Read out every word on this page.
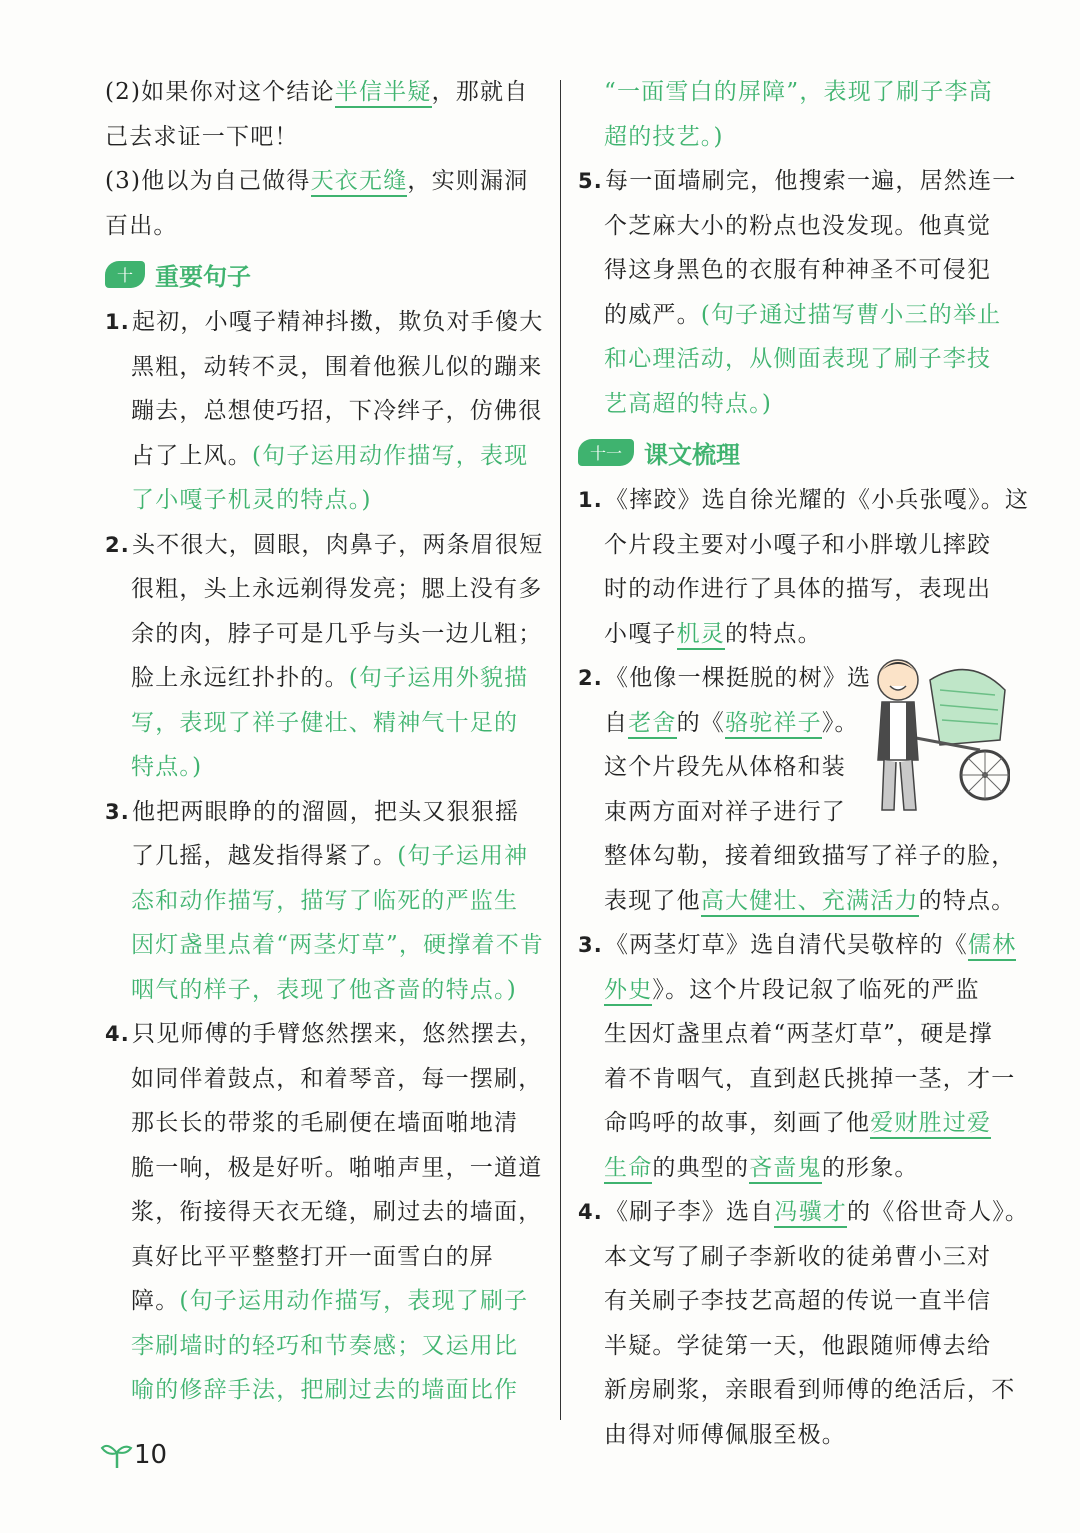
(2)如果你对这个结论半信半疑，那就自
己去求证一下吧！
(3)他以为自己做得天衣无缝，实则漏洞
百出。
十 重要句子
1.起初，小嘎子精神抖擞，欺负对手傻大
黑粗，动转不灵，围着他猴儿似的蹦来
蹦去，总想使巧招，下冷绊子，仿佛很
占了上风。(句子运用动作描写，表现
了小嘎子机灵的特点。)
2.头不很大，圆眼，肉鼻子，两条眉很短
很粗，头上永远剃得发亮；腮上没有多
余的肉，脖子可是几乎与头一边儿粗；
脸上永远红扑扑的。(句子运用外貌描
写，表现了祥子健壮、精神气十足的
特点。)
3.他把两眼睁的的溜圆，把头又狠狠摇
了几摇，越发指得紧了。(句子运用神
态和动作描写，描写了临死的严监生
因灯盏里点着“两茎灯草”，硬撑着不肯
咽气的样子，表现了他吝啬的特点。)
4.只见师傅的手臂悠然摆来，悠然摆去，
如同伴着鼓点，和着琴音，每一摆刷，
那长长的带浆的毛刷便在墙面啪地清
脆一响，极是好听。啪啪声里，一道道
浆，衔接得天衣无缝，刷过去的墙面，
真好比平平整整打开一面雪白的屏
障。(句子运用动作描写，表现了刷子
李刷墙时的轻巧和节奏感；又运用比
喻的修辞手法，把刷过去的墙面比作
“一面雪白的屏障”，表现了刷子李高
超的技艺。)
5.每一面墙刷完，他搜索一遍，居然连一
个芝麻大小的粉点也没发现。他真觉
得这身黑色的衣服有种神圣不可侵犯
的威严。(句子通过描写曹小三的举止
和心理活动，从侧面表现了刷子李技
艺高超的特点。)
十一 课文梳理
1.《摔跤》选自徐光耀的《小兵张嘎》。这
个片段主要对小嘎子和小胖墩儿摔跤
时的动作进行了具体的描写，表现出
小嘎子机灵的特点。
2.《他像一棵挺脱的树》选
自老舍的《骆驼祥子》。
这个片段先从体格和装
束两方面对祥子进行了
整体勾勒，接着细致描写了祥子的脸，
表现了他高大健壮、充满活力的特点。
3.《两茎灯草》选自清代吴敬梓的《儒林
外史》。这个片段记叙了临死的严监
生因灯盏里点着“两茎灯草”，硬是撑
着不肯咽气，直到赵氏挑掉一茎，才一
命呜呼的故事，刻画了他爱财胜过爱
生命的典型的吝啬鬼的形象。
4.《刷子李》选自冯骥才的《俗世奇人》。
本文写了刷子李新收的徒弟曹小三对
有关刷子李技艺高超的传说一直半信
半疑。学徒第一天，他跟随师傅去给
新房刷浆，亲眼看到师傅的绝活后，不
由得对师傅佩服至极。
10
